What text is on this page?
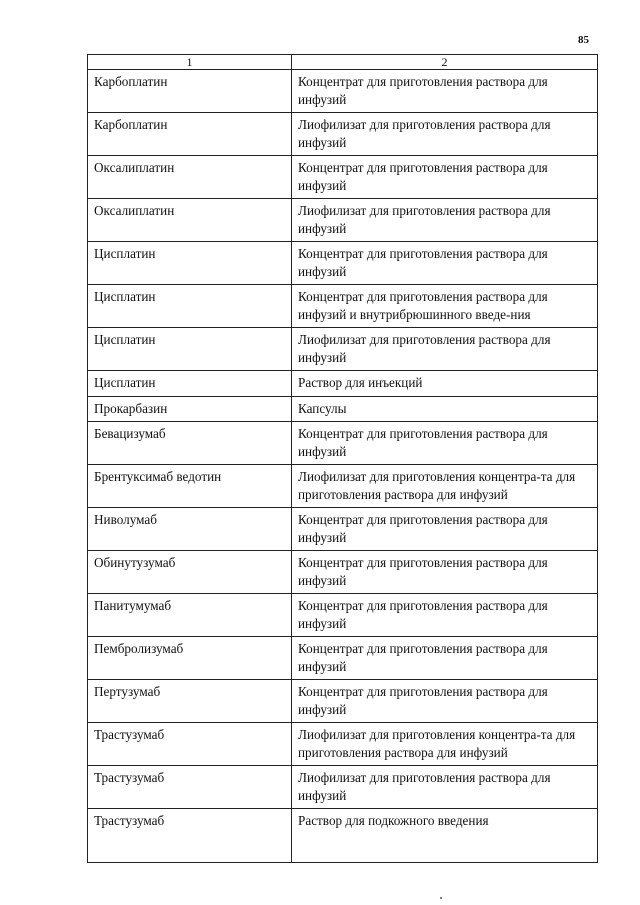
85
1	2
Карбоплатин	Концентрат для приготовления раствора для инфузий
Карбоплатин	Лиофилизат для приготовления раствора для инфузий
Оксалиплатин	Концентрат для приготовления раствора для инфузий
Оксалиплатин	Лиофилизат для приготовления раствора для инфузий
Цисплатин	Концентрат для приготовления раствора для инфузий
Цисплатин	Концентрат для приготовления раствора для инфузий и внутрибрюшинного введе-ния
Цисплатин	Лиофилизат для приготовления раствора для инфузий
Цисплатин	Раствор для инъекций
Прокарбазин	Капсулы
Бевацизумаб	Концентрат для приготовления раствора для инфузий
Брентуксимаб ведотин	Лиофилизат для приготовления концентра-та для приготовления раствора для инфузий
Ниволумаб	Концентрат для приготовления раствора для инфузий
Обинутузумаб	Концентрат для приготовления раствора для инфузий
Панитумумаб	Концентрат для приготовления раствора для инфузий
Пембролизумаб	Концентрат для приготовления раствора для инфузий
Пертузумаб	Концентрат для приготовления раствора для инфузий
Трастузумаб	Лиофилизат для приготовления концентра-та для приготовления раствора для инфузий
Трастузумаб	Лиофилизат для приготовления раствора для инфузий
Трастузумаб	Раствор для подкожного введения
